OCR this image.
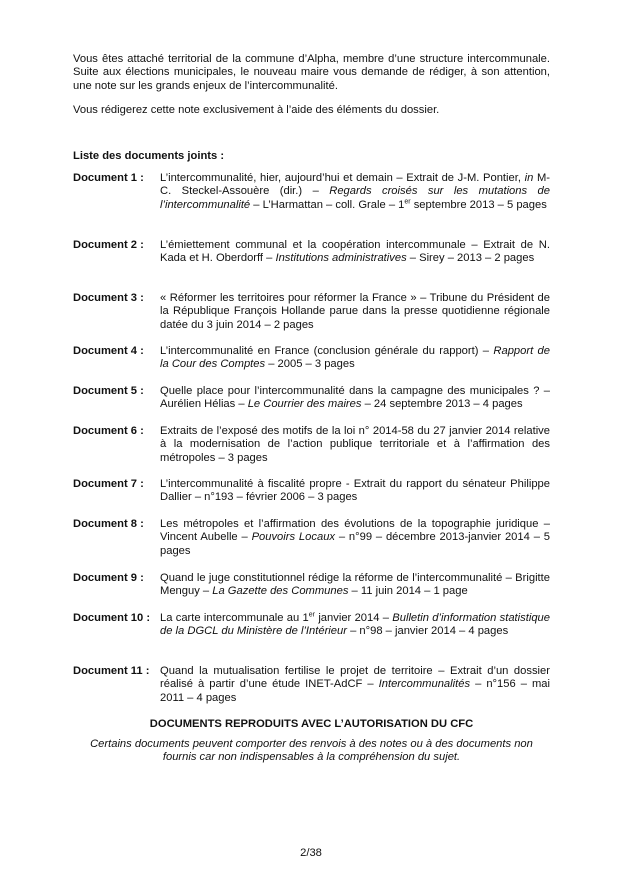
Vous êtes attaché territorial de la commune d’Alpha, membre d’une structure intercommunale. Suite aux élections municipales, le nouveau maire vous demande de rédiger, à son attention, une note sur les grands enjeux de l’intercommunalité.

Vous rédigerez cette note exclusivement à l’aide des éléments du dossier.

Liste des documents joints :

Document 1 :	L’intercommunalité, hier, aujourd’hui et demain – Extrait de J-M. Pontier, in M-C. Steckel-Assouère (dir.) – Regards croisés sur les mutations de l’intercommunalité – L’Harmattan – coll. Grale – 1er septembre 2013 – 5 pages
Document 2 :	L’émiettement communal et la coopération intercommunale – Extrait de N. Kada et H. Oberdorff – Institutions administratives – Sirey – 2013 – 2 pages
Document 3 :	« Réformer les territoires pour réformer la France » – Tribune du Président de la République François Hollande parue dans la presse quotidienne régionale datée du 3 juin 2014 – 2 pages
Document 4 :	L’intercommunalité en France (conclusion générale du rapport) – Rapport de la Cour des Comptes – 2005 – 3 pages
Document 5 :	Quelle place pour l’intercommunalité dans la campagne des municipales ? – Aurélien Hélias – Le Courrier des maires – 24 septembre 2013 – 4 pages
Document 6 :	Extraits de l’exposé des motifs de la loi n° 2014-58 du 27 janvier 2014 relative à la modernisation de l’action publique territoriale et à l’affirmation des métropoles – 3 pages
Document 7 :	L’intercommunalité à fiscalité propre - Extrait du rapport du sénateur Philippe Dallier – n°193 – février 2006 – 3 pages
Document 8 :	Les métropoles et l’affirmation des évolutions de la topographie juridique – Vincent Aubelle – Pouvoirs Locaux – n°99 – décembre 2013-janvier 2014 – 5 pages
Document 9 :	Quand le juge constitutionnel rédige la réforme de l’intercommunalité – Brigitte Menguy – La Gazette des Communes – 11 juin 2014 – 1 page
Document 10 : La carte intercommunale au 1er janvier 2014 – Bulletin d’information statistique de la DGCL du Ministère de l’Intérieur – n°98 – janvier 2014 – 4 pages
Document 11 : Quand la mutualisation fertilise le projet de territoire – Extrait d’un dossier réalisé à partir d’une étude INET-AdCF – Intercommunalités – n°156 – mai 2011 – 4 pages

DOCUMENTS REPRODUITS AVEC L’AUTORISATION DU CFC

Certains documents peuvent comporter des renvois à des notes ou à des documents non fournis car non indispensables à la compréhension du sujet.

2/38
